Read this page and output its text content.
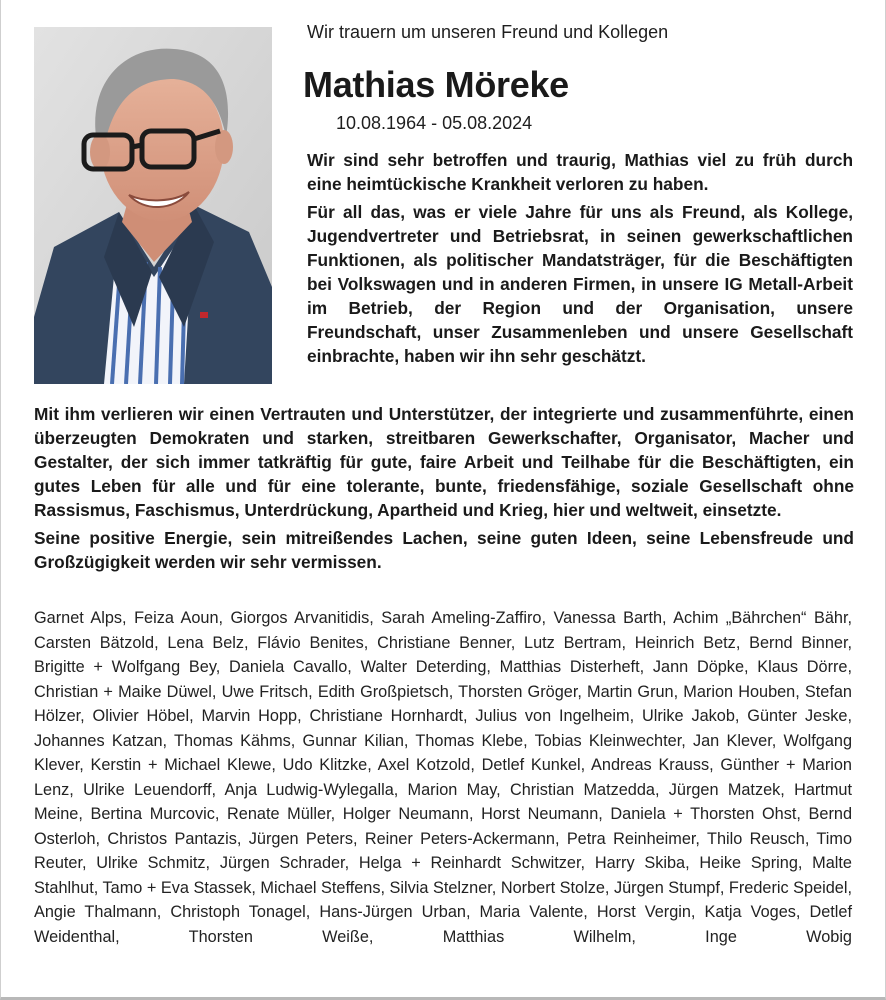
Wir trauern um unseren Freund und Kollegen
Mathias Möreke
10.08.1964 - 05.08.2024

Wir sind sehr betroffen und traurig, Mathias viel zu früh durch eine heimtückische Krankheit verloren zu haben.

Für all das, was er viele Jahre für uns als Freund, als Kollege, Jugendvertreter und Betriebsrat, in seinen gewerkschaftlichen Funktionen, als politischer Mandatsträger, für die Beschäftigten bei Volkswagen und in anderen Firmen, in unsere IG Metall-Arbeit im Betrieb, der Region und der Organisation, unsere Freundschaft, unser Zusammenleben und unsere Gesellschaft einbrachte, haben wir ihn sehr geschätzt.

Mit ihm verlieren wir einen Vertrauten und Unterstützer, der integrierte und zusammenführte, einen überzeugten Demokraten und starken, streitbaren Gewerkschafter, Organisator, Macher und Gestalter, der sich immer tatkräftig für gute, faire Arbeit und Teilhabe für die Beschäftigten, ein gutes Leben für alle und für eine tolerante, bunte, friedensfähige, soziale Gesellschaft ohne Rassismus, Faschismus, Unterdrückung, Apartheid und Krieg, hier und weltweit, einsetzte.

Seine positive Energie, sein mitreißendes Lachen, seine guten Ideen, seine Lebensfreude und Großzügigkeit werden wir sehr vermissen.

Garnet Alps, Feiza Aoun, Giorgos Arvanitidis, Sarah Ameling-Zaffiro, Vanessa Barth, Achim „Bährchen“ Bähr, Carsten Bätzold, Lena Belz, Flávio Benites, Christiane Benner, Lutz Bertram, Heinrich Betz, Bernd Binner, Brigitte + Wolfgang Bey, Daniela Cavallo, Walter Deterding, Matthias Disterheft, Jann Döpke, Klaus Dörre, Christian + Maike Düwel, Uwe Fritsch, Edith Großpietsch, Thorsten Gröger, Martin Grun, Marion Houben, Stefan Hölzer, Olivier Höbel, Marvin Hopp, Christiane Hornhardt, Julius von Ingelheim, Ulrike Jakob, Günter Jeske, Johannes Katzan, Thomas Kähms, Gunnar Kilian, Thomas Klebe, Tobias Kleinwechter, Jan Klever, Wolfgang Klever, Kerstin + Michael Klewe, Udo Klitzke, Axel Kotzold, Detlef Kunkel, Andreas Krauss, Günther + Marion Lenz, Ulrike Leuendorff, Anja Ludwig-Wylegalla, Marion May, Christian Matzedda, Jürgen Matzek, Hartmut Meine, Bertina Murcovic, Renate Müller, Holger Neumann, Horst Neumann, Daniela + Thorsten Ohst, Bernd Osterloh, Christos Pantazis, Jürgen Peters, Reiner Peters-Ackermann, Petra Reinheimer, Thilo Reusch, Timo Reuter, Ulrike Schmitz, Jürgen Schrader, Helga + Reinhardt Schwitzer, Harry Skiba, Heike Spring, Malte Stahlhut, Tamo + Eva Stassek, Michael Steffens, Silvia Stelzner, Norbert Stolze, Jürgen Stumpf, Frederic Speidel, Angie Thalmann, Christoph Tonagel, Hans-Jürgen Urban, Maria Valente, Horst Vergin, Katja Voges, Detlef Weidenthal, Thorsten Weiße, Matthias Wilhelm, Inge Wobig
